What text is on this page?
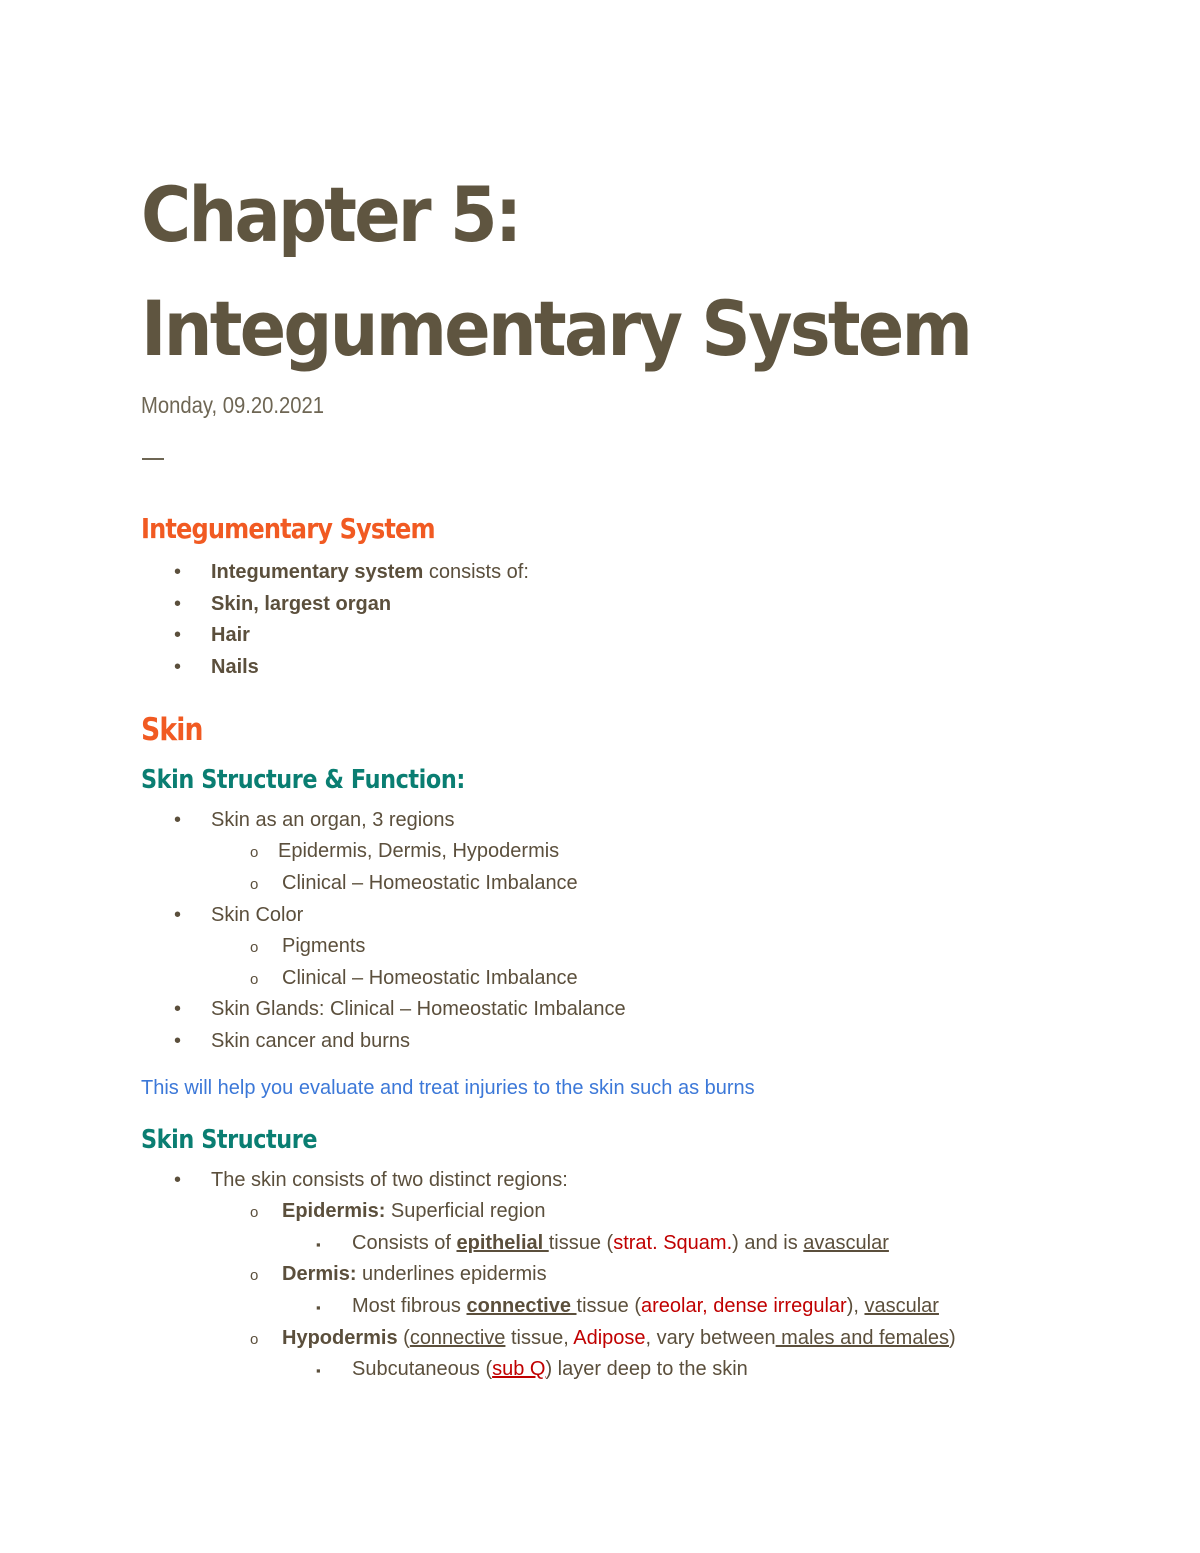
Chapter 5: Integumentary System
Monday, 09.20.2021
Integumentary System
• Integumentary system consists of:
• Skin, largest organ
• Hair
• Nails
Skin
Skin Structure & Function:
• Skin as an organ, 3 regions
o Epidermis, Dermis, Hypodermis
o Clinical – Homeostatic Imbalance
• Skin Color
o Pigments
o Clinical – Homeostatic Imbalance
• Skin Glands: Clinical – Homeostatic Imbalance
• Skin cancer and burns
This will help you evaluate and treat injuries to the skin such as burns
Skin Structure
• The skin consists of two distinct regions:
o Epidermis: Superficial region
▪ Consists of epithelial tissue (strat. Squam.) and is avascular
o Dermis: underlines epidermis
▪ Most fibrous connective tissue (areolar, dense irregular), vascular
o Hypodermis (connective tissue, Adipose, vary between males and females)
▪ Subcutaneous (sub Q) layer deep to the skin
